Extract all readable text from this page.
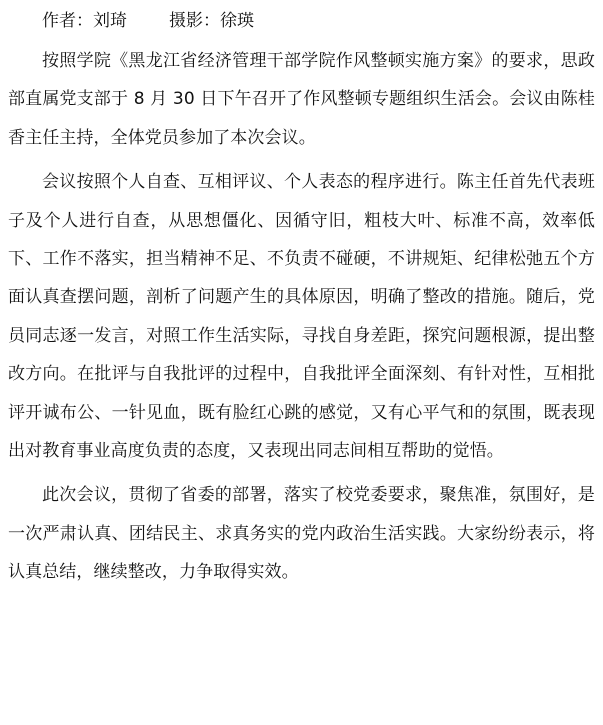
作者：刘琦 摄影：徐瑛

按照学院《黑龙江省经济管理干部学院作风整顿实施方案》的要求，思政部直属党支部于 8 月 30 日下午召开了作风整顿专题组织生活会。会议由陈桂香主任主持，全体党员参加了本次会议。

会议按照个人自查、互相评议、个人表态的程序进行。陈主任首先代表班子及个人进行自查，从思想僵化、因循守旧，粗枝大叶、标准不高，效率低下、工作不落实，担当精神不足、不负责不碰硬，不讲规矩、纪律松弛五个方面认真查摆问题，剖析了问题产生的具体原因，明确了整改的措施。随后，党员同志逐一发言，对照工作生活实际，寻找自身差距，探究问题根源，提出整改方向。在批评与自我批评的过程中，自我批评全面深刻、有针对性，互相批评开诚布公、一针见血，既有脸红心跳的感觉，又有心平气和的氛围，既表现出对教育事业高度负责的态度，又表现出同志间相互帮助的觉悟。

此次会议，贯彻了省委的部署，落实了校党委要求，聚焦准，氛围好，是一次严肃认真、团结民主、求真务实的党内政治生活实践。大家纷纷表示，将认真总结，继续整改，力争取得实效。
